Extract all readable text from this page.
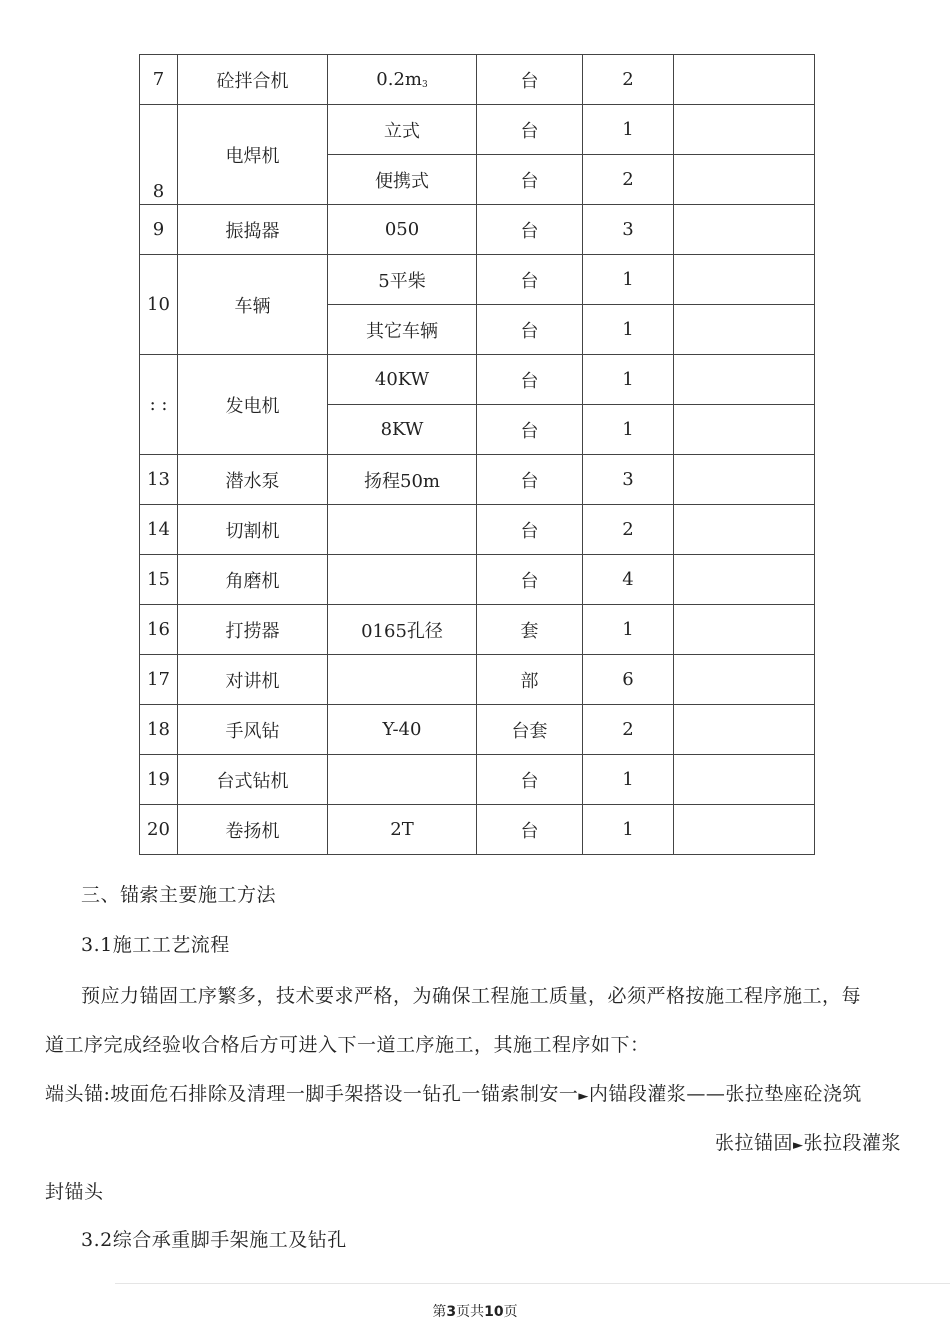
7	砼拌合机	$0.2m_3$	台	2	
8	电焊机	立式	台	1	
		便携式	台	2	
9	振捣器	050	台	3	
10	车辆	5平柴	台	1	
		其它车辆	台	1	
: :	发电机	40KW	台	1	
		8KW	台	1	
13	潜水泵	扬程50m	台	3	
14	切割机		台	2	
15	角磨机		台	4	
16	打捞器	0165孔径	套	1	
17	对讲机		部	6	
18	手风钻	Y-40	台套	2	
19	台式钻机		台	1	
20	卷扬机	2T	台	1	
三、锚索主要施工方法
3.1施工工艺流程
预应力锚固工序繁多，技术要求严格，为确保工程施工质量，必须严格按施工程序施工，每
道工序完成经验收合格后方可进入下一道工序施工，其施工程序如下：
端头锚:坡面危石排除及清理一脚手架搭设一钻孔一锚索制安一►内锚段灌浆——张拉垫座砼浇筑
张拉锚固►张拉段灌浆
封锚头
3.2综合承重脚手架施工及钻孔
第3页共10页
